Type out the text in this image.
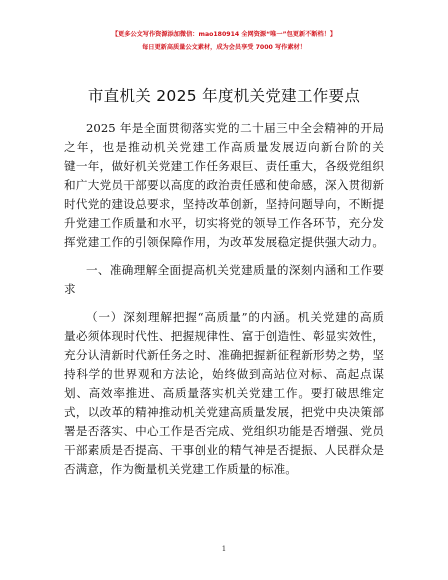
【更多公文写作资源添加微信：mao180914 全网资源“唯一”包更新不断档！】
每日更新高质量公文素材，成为会员享受 7000 写作素材！
市直机关 2025 年度机关党建工作要点
2025 年是全面贯彻落实党的二十届三中全会精神的开局
之年，也是推动机关党建工作高质量发展迈向新台阶的关
键一年，做好机关党建工作任务艰巨、责任重大，各级党组织
和广大党员干部要以高度的政治责任感和使命感，深入贯彻新
时代党的建设总要求，坚持改革创新，坚持问题导向，不断提
升党建工作质量和水平，切实将党的领导工作各环节，充分发
挥党建工作的引领保障作用，为改革发展稳定提供强大动力。
一、准确理解全面提高机关党建质量的深刻内涵和工作要
求
（一）深刻理解把握“高质量”的内涵。机关党建的高质
量必须体现时代性、把握规律性、富于创造性、彰显实效性，
充分认清新时代新任务之时、准确把握新征程新形势之势，坚
持科学的世界观和方法论，始终做到高站位对标、高起点谋
划、高效率推进、高质量落实机关党建工作。要打破思维定
式，以改革的精神推动机关党建高质量发展，把党中央决策部
署是否落实、中心工作是否完成、党组织功能是否增强、党员
干部素质是否提高、干事创业的精气神是否提振、人民群众是
否满意，作为衡量机关党建工作质量的标准。
1
